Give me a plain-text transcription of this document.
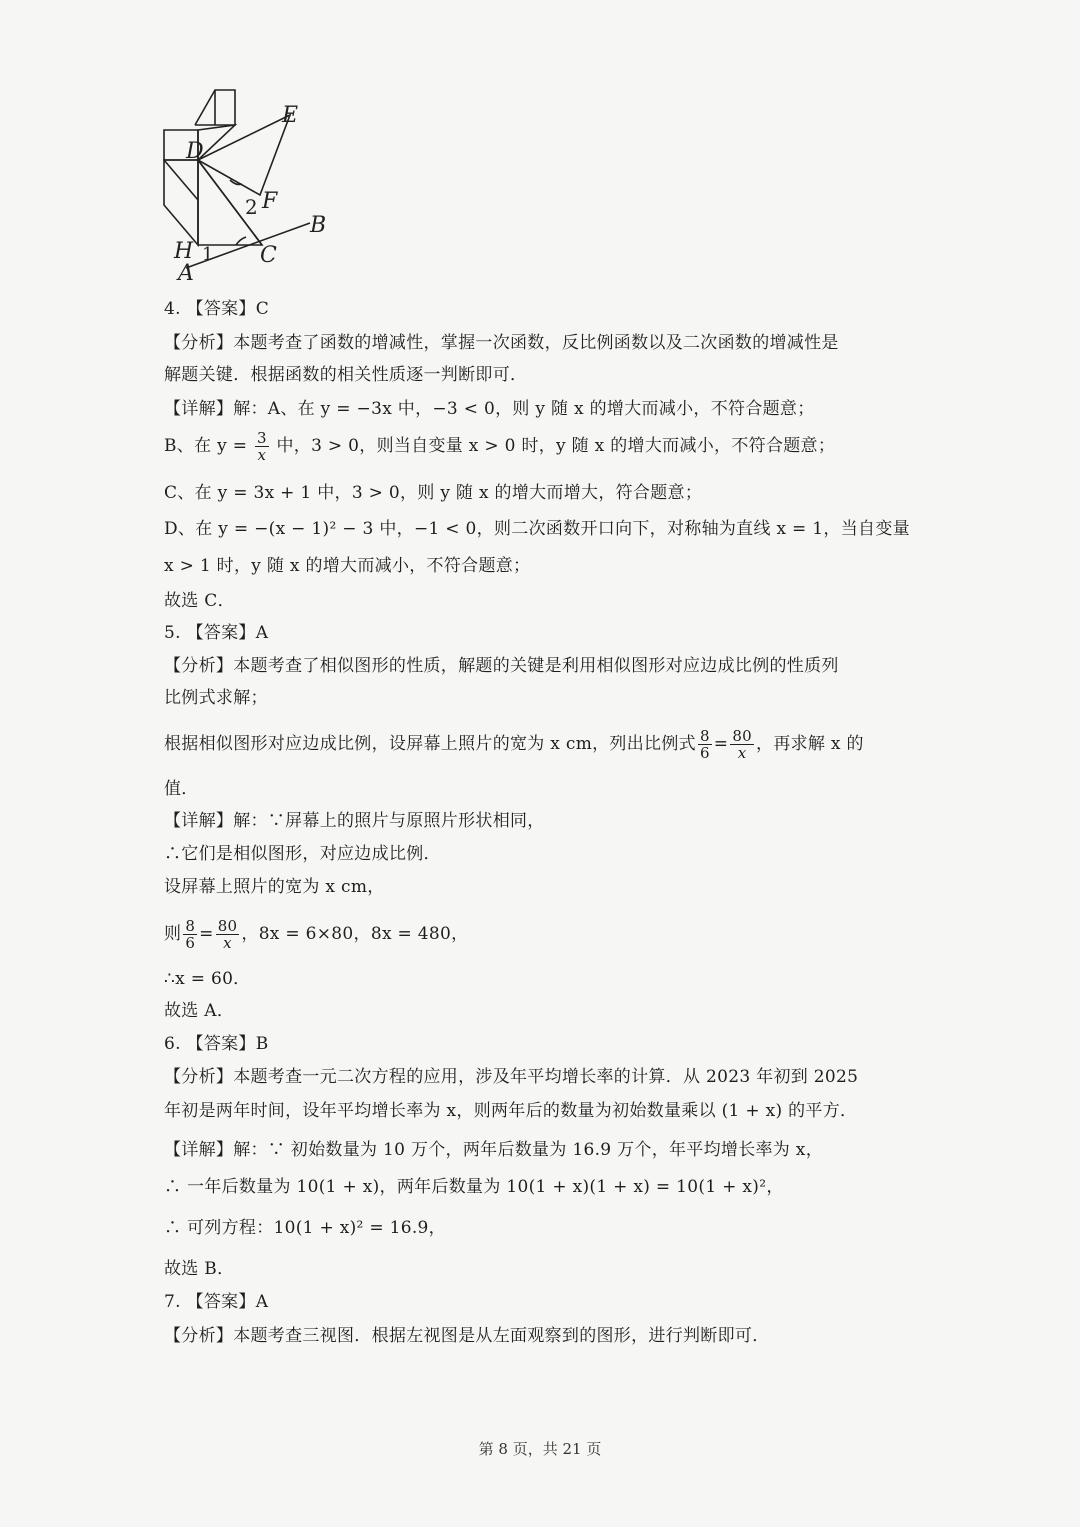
E
D
F
2
B
H 1 C
A
4. 【答案】C
【分析】本题考查了函数的增减性，掌握一次函数，反比例函数以及二次函数的增减性是
解题关键．根据函数的相关性质逐一判断即可．
【详解】解：A、在 y = −3x 中，−3 < 0，则 y 随 x 的增大而减小，不符合题意；
B、在 $y = \frac{3}{x}$ 中，3 > 0，则当自变量 x > 0 时，y 随 x 的增大而减小，不符合题意；
C、在 y = 3x + 1 中，3 > 0，则 y 随 x 的增大而增大，符合题意；
D、在 y = −(x − 1)² − 3 中，−1 < 0，则二次函数开口向下，对称轴为直线 x = 1，当自变量
x > 1 时，y 随 x 的增大而减小，不符合题意；
故选 C．
5. 【答案】A
【分析】本题考查了相似图形的性质，解题的关键是利用相似图形对应边成比例的性质列
比例式求解；
根据相似图形对应边成比例，设屏幕上照片的宽为 x cm，列出比例式 $\frac{8}{6} = \frac{80}{x}$ ，再求解 x 的
值．
【详解】解：∵屏幕上的照片与原照片形状相同，
∴它们是相似图形，对应边成比例．
设屏幕上照片的宽为 x cm，
则 $\frac{8}{6} = \frac{80}{x}$ ，8x = 6×80，8x = 480，
∴x = 60．
故选 A．
6. 【答案】B
【分析】本题考查一元二次方程的应用，涉及年平均增长率的计算．从 2023 年初到 2025
年初是两年时间，设年平均增长率为 x，则两年后的数量为初始数量乘以 (1 + x) 的平方．
【详解】解：∵ 初始数量为 10 万个，两年后数量为 16.9 万个，年平均增长率为 x，
∴ 一年后数量为 10(1 + x)，两年后数量为 10(1 + x)(1 + x) = 10(1 + x)²，
∴ 可列方程：10(1 + x)² = 16.9，
故选 B．
7. 【答案】A
【分析】本题考查三视图．根据左视图是从左面观察到的图形，进行判断即可．
第 8 页，共 21 页
